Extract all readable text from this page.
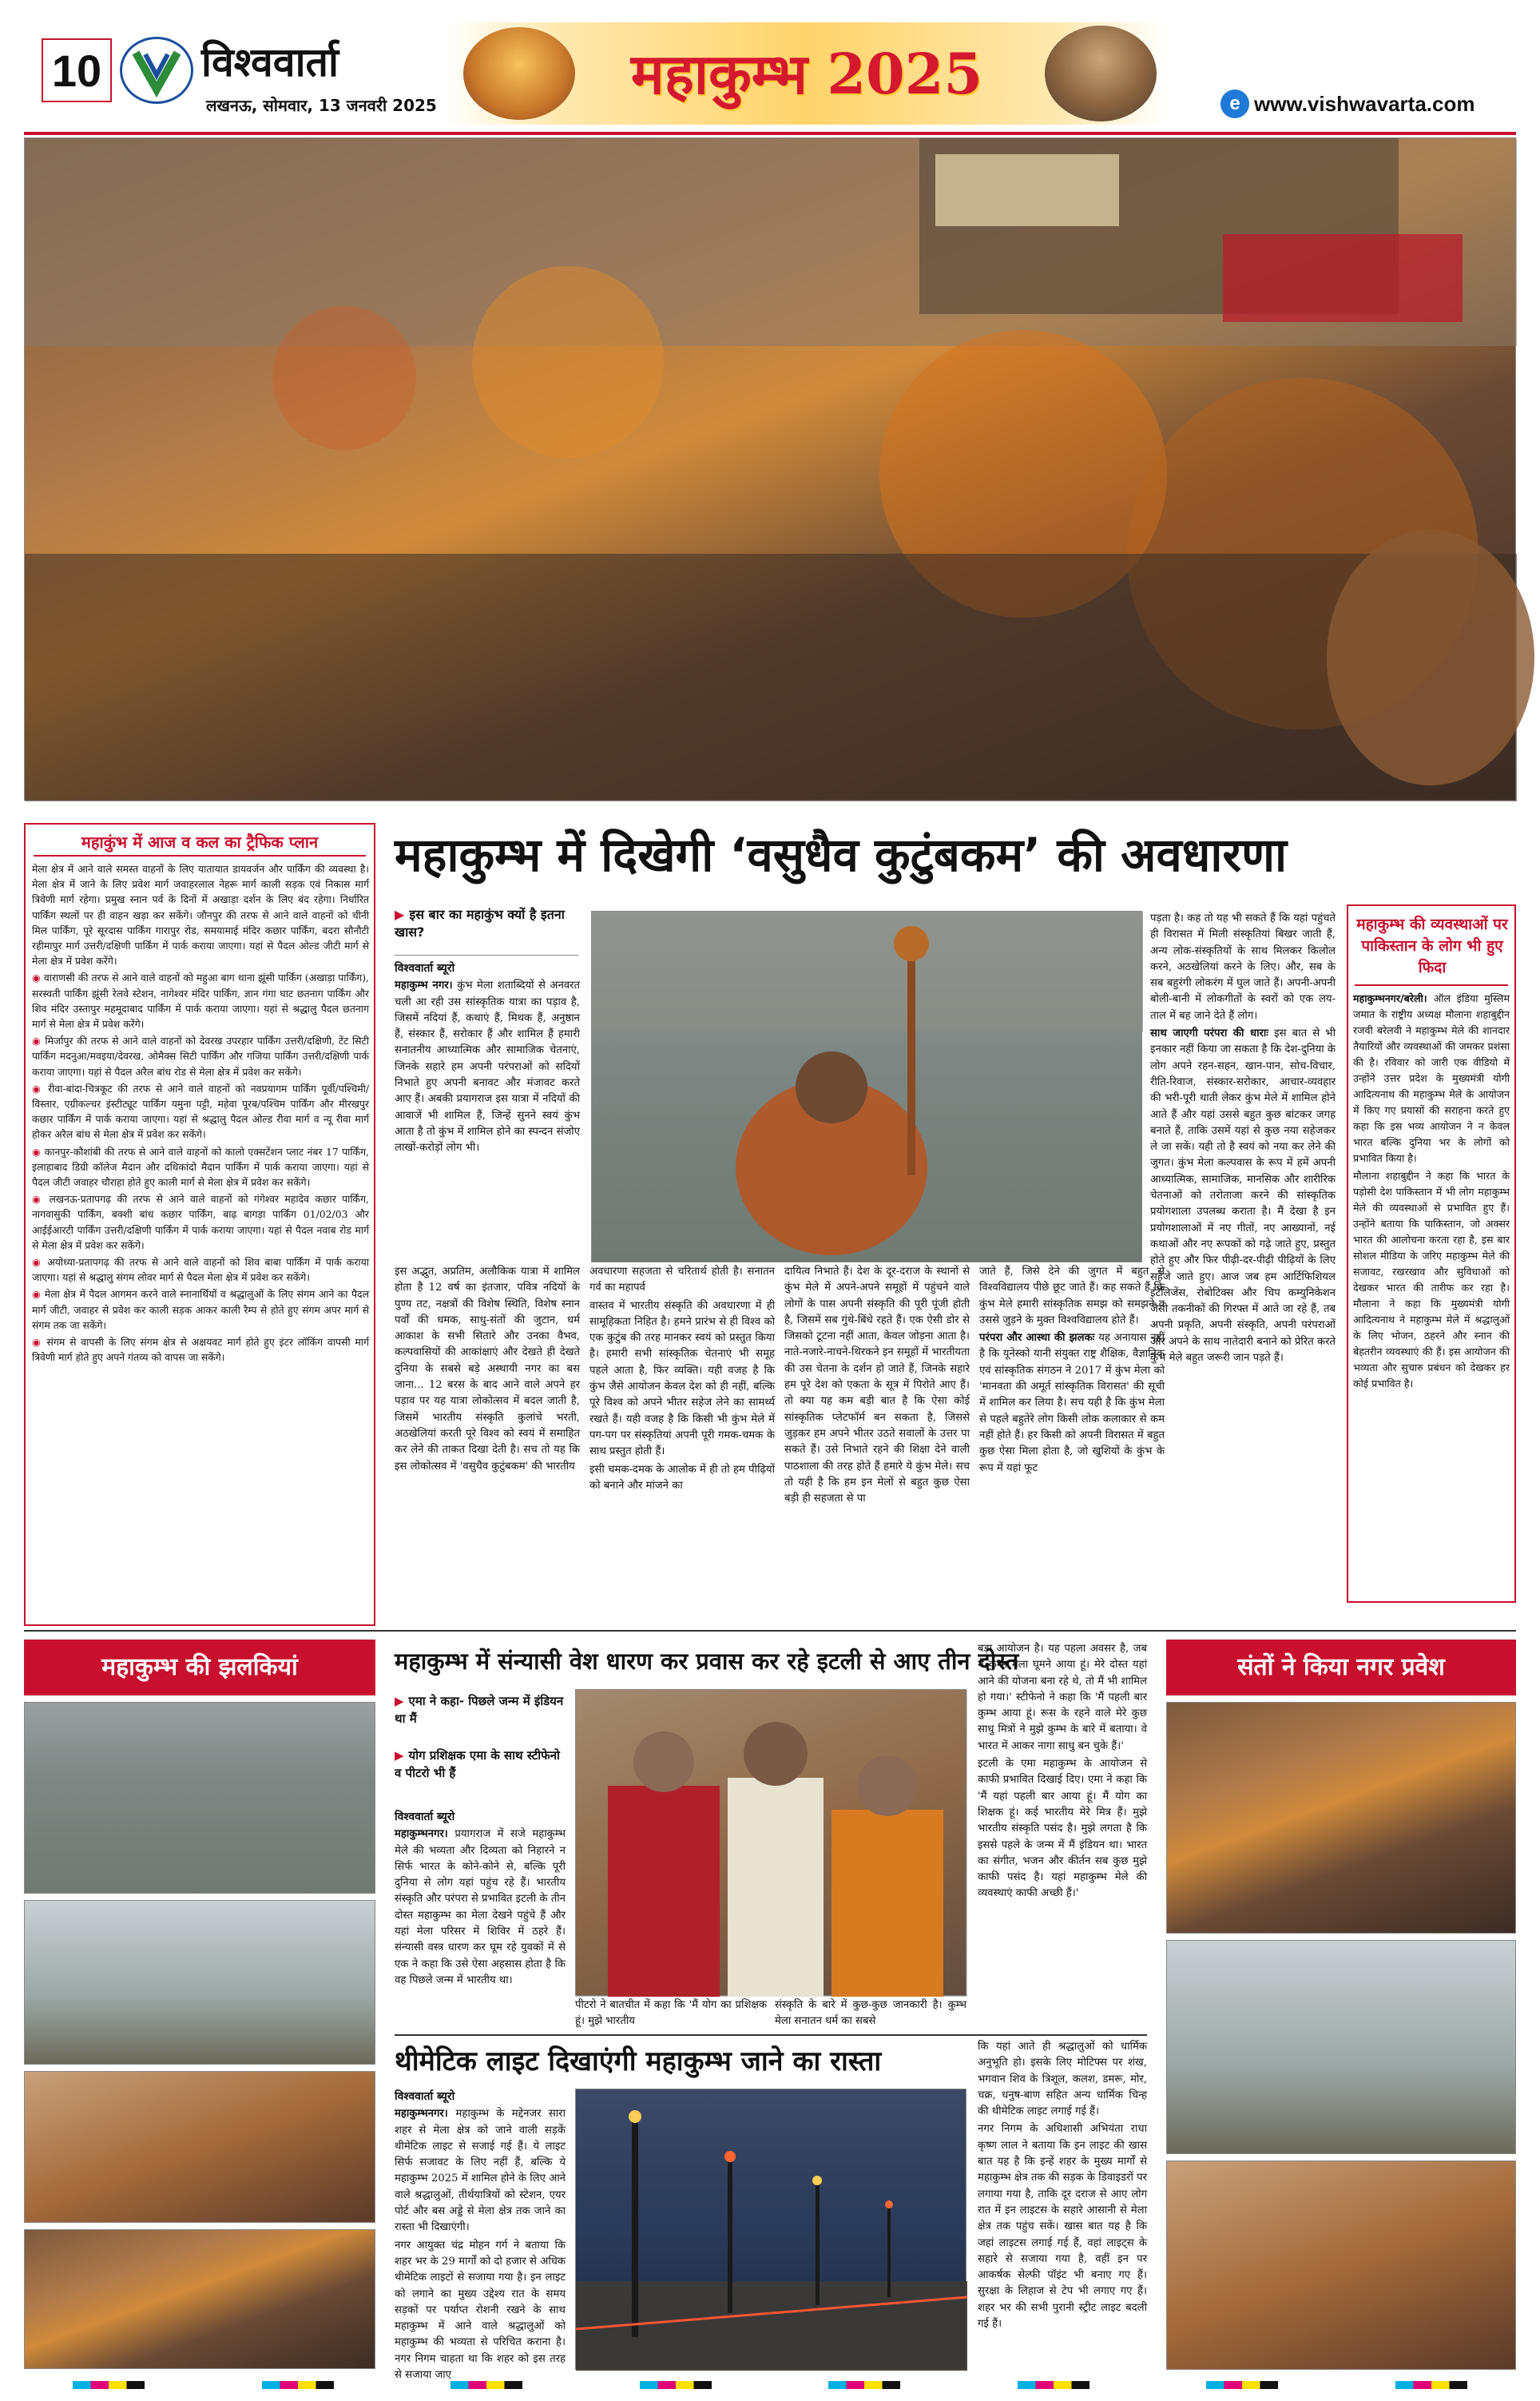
10 विश्ववार्ता
लखनऊ, सोमवार, 13 जनवरी 2025	महाकुम्भ 2025	e www.vishwavarta.com
महाकुंभ में आज व कल का ट्रैफिक प्लान

मेला क्षेत्र में आने वाले समस्त वाहनों के लिए यातायात डायवर्जन और पार्किंग की व्यवस्था है। मेला क्षेत्र में जाने के लिए प्रवेश मार्ग जवाहरलाल नेहरू मार्ग काली सड़क एवं निकास मार्ग त्रिवेणी मार्ग रहेगा। प्रमुख स्नान पर्व के दिनों में अखाड़ा दर्शन के लिए बंद रहेगा। निर्धारित पार्किंग स्थलों पर ही वाहन खड़ा कर सकेंगे। जौनपुर की तरफ से आने वाले वाहनों को चीनी मिल पार्किंग, पूरे सूरदास पार्किंग गारापुर रोड, समयामाई मंदिर कछार पार्किंग, बदरा सौनौटी रहीमापुर मार्ग उत्तरी/दक्षिणी पार्किंग में पार्क कराया जाएगा। यहां से पैदल ओल्ड जीटी मार्ग से मेला क्षेत्र में प्रवेश करेंगे।

◉ वाराणसी की तरफ से आने वाले वाहनों को महुआ बाग थाना झूंसी पार्किंग (अखाड़ा पार्किंग), सरस्वती पार्किंग झूंसी रेलवे स्टेशन, नागेश्वर मंदिर पार्किंग, ज्ञान गंगा घाट छतनाग पार्किंग और शिव मंदिर उस्तापुर महमूदाबाद पार्किंग में पार्क कराया जाएगा। यहां से श्रद्धालु पैदल छतनाग मार्ग से मेला क्षेत्र में प्रवेश करेंगे।

◉ मिर्जापुर की तरफ से आने वाले वाहनों को देवरख उपरहार पार्किंग उत्तरी/दक्षिणी, टेंट सिटी पार्किंग मदनुआ/मवइया/देवरख, ओमैक्स सिटी पार्किंग और गजिया पार्किंग उत्तरी/दक्षिणी पार्क कराया जाएगा। यहां से पैदल अरैल बांध रोड से मेला क्षेत्र में प्रवेश कर सकेंगे।

◉ रीवा-बांदा-चित्रकूट की तरफ से आने वाले वाहनों को नवप्रयागम पार्किंग पूर्वी/पश्चिमी/विस्तार, एग्रीकल्चर इंस्टीट्यूट पार्किंग यमुना पट्टी, महेवा पूरब/पश्चिम पार्किंग और मीरखपुर कछार पार्किंग में पार्क कराया जाएगा। यहां से श्रद्धालु पैदल ओल्ड रीवा मार्ग व न्यू रीवा मार्ग होकर अरैल बांध से मेला क्षेत्र में प्रवेश कर सकेंगे।

◉ कानपुर-कौशांबी की तरफ से आने वाले वाहनों को कालो एक्सटेंशन प्लाट नंबर 17 पार्किंग, इलाहाबाद डिग्री कॉलेज मैदान और दधिकांदो मैदान पार्किंग में पार्क कराया जाएगा। यहां से पैदल जीटी जवाहर चौराहा होते हुए काली मार्ग से मेला क्षेत्र में प्रवेश कर सकेंगे।

◉ लखनऊ-प्रतापगढ़ की तरफ से आने वाले वाहनों को गंगेश्वर महादेव कछार पार्किंग, नागवासुकी पार्किंग, बक्शी बांध कछार पार्किंग, बाढ़ बागड़ा पार्किंग 01/02/03 और आईईआरटी पार्किंग उत्तरी/दक्षिणी पार्किंग में पार्क कराया जाएगा। यहां से पैदल नवाब रोड मार्ग से मेला क्षेत्र में प्रवेश कर सकेंगे।

◉ अयोध्या-प्रतापगढ़ की तरफ से आने वाले वाहनों को शिव बाबा पार्किंग में पार्क कराया जाएगा। यहां से श्रद्धालु संगम लोवर मार्ग से पैदल मेला क्षेत्र में प्रवेश कर सकेंगे।

◉ मेला क्षेत्र में पैदल आगमन करने वाले स्नानार्थियों व श्रद्धालुओं के लिए संगम आने का पैदल मार्ग जीटी, जवाहर से प्रवेश कर काली सड़क आकर काली रैम्प से होते हुए संगम अपर मार्ग से संगम तक जा सकेंगे।

◉ संगम से वापसी के लिए संगम क्षेत्र से अक्षयवट मार्ग होते हुए इंटर लॉकिंग वापसी मार्ग त्रिवेणी मार्ग होते हुए अपने गंतव्य को वापस जा सकेंगे।

महाकुम्भ में दिखेगी ‘वसुधैव कुटुंबकम’ की अवधारणा
▶ इस बार का महाकुंभ क्यों है इतना खास?

विश्ववार्ता ब्यूरो

महाकुम्भ नगर। कुंभ मेला शताब्दियों से अनवरत चली आ रही उस सांस्कृतिक यात्रा का पड़ाव है, जिसमें नदियां हैं, कथाएं हैं, मिथक हैं, अनुष्ठान हैं, संस्कार हैं, सरोकार हैं और शामिल हैं हमारी सनातनीय आध्यात्मिक और सामाजिक चेतनाएं, जिनके सहारे हम अपनी परंपराओं को सदियों निभाते हुए अपनी बनावट और मंजावट करते आए हैं। अबकी प्रयागराज इस यात्रा में नदियों की आवाजें भी शामिल हैं, जिन्हें सुनने स्वयं कुंभ आता है तो कुंभ में शामिल होने का स्पन्दन संजोए लाखों-करोड़ों लोग भी।

इस अद्भुत, अप्रतिम, अलौकिक यात्रा में शामिल होता है 12 वर्ष का इंतजार, पवित्र नदियों के पुण्य तट, नक्षत्रों की विशेष स्थिति, विशेष स्नान पर्वों की धमक, साधु-संतों की जुटान, धर्म आकाश के सभी सितारे और उनका वैभव, कल्पवासियों की आकांक्षाएं और देखते ही देखते दुनिया के सबसे बड़े अस्थायी नगर का बस जाना... 12 बरस के बाद आने वाले अपने हर पड़ाव पर यह यात्रा लोकोत्सव में बदल जाती है, जिसमें भारतीय संस्कृति कुलांचे भरती, अठखेलियां करती पूरे विश्व को स्वयं में समाहित कर लेने की ताकत दिखा देती है। सच तो यह कि इस लोकोत्सव में 'वसुधैव कुटुंबकम' की भारतीय

अवधारणा सहजता से चरितार्थ होती है। सनातन गर्व का महापर्व

वास्तव में भारतीय संस्कृति की अवधारणा में ही सामूहिकता निहित है। हमने प्रारंभ से ही विश्व को एक कुटुंब की तरह मानकर स्वयं को प्रस्तुत किया है। हमारी सभी सांस्कृतिक चेतनाएं भी समूह पहले आता है, फिर व्यक्ति। यही वजह है कि कुंभ जैसे आयोजन केवल देश को ही नहीं, बल्कि पूरे विश्व को अपने भीतर सहेज लेने का सामर्थ्य रखते हैं। यही वजह है कि किसी भी कुंभ मेले में पग-पग पर संस्कृतियां अपनी पूरी गमक-चमक के साथ प्रस्तुत होती हैं।

इसी चमक-दमक के आलोक में ही तो हम पीढ़ियों को बनाने और मांजने का

दायित्व निभाते हैं। देश के दूर-दराज के स्थानों से कुंभ मेले में अपने-अपने समूहों में पहुंचने वाले लोगों के पास अपनी संस्कृति की पूरी पूंजी होती है, जिसमें सब गुंथे-बिंधे रहते हैं। एक ऐसी डोर से जिसको टूटना नहीं आता, केवल जोड़ना आता है। नाते-नजारे-नाचने-थिरकने इन समूहों में भारतीयता की उस चेतना के दर्शन हो जाते हैं, जिनके सहारे हम पूरे देश को एकता के सूत्र में पिरोते आए हैं। तो क्या यह कम बड़ी बात है कि ऐसा कोई सांस्कृतिक प्लेटफॉर्म बन सकता है, जिससे जुड़कर हम अपने भीतर उठते सवालों के उत्तर पा सकते हैं। उसे निभाते रहने की शिक्षा देने वाली पाठशाला की तरह होते हैं हमारे ये कुंभ मेले। सच तो यही है कि हम इन मेलों से बहुत कुछ ऐसा बड़ी ही सहजता से पा

जाते हैं, जिसे देने की जुगत में बहुत से विश्वविद्यालय पीछे छूट जाते हैं। कह सकते हैं कि कुंभ मेले हमारी सांस्कृतिक समझ को समझने व उससे जुड़ने के मुक्त विश्वविद्यालय होते हैं।

परंपरा और आस्था की झलकः यह अनायास नहीं है कि यूनेस्को यानी संयुक्त राष्ट्र शैक्षिक, वैज्ञानिक एवं सांस्कृतिक संगठन ने 2017 में कुंभ मेला को 'मानवता की अमूर्त सांस्कृतिक विरासत' की सूची में शामिल कर लिया है। सच यही है कि कुंभ मेला से पहले बहुतेरे लोग किसी लोक कलाकार से कम नहीं होते हैं। हर किसी को अपनी विरासत में बहुत कुछ ऐसा मिला होता है, जो खुशियों के कुंभ के रूप में यहां फूट

पड़ता है। कह तो यह भी सकते हैं कि यहां पहुंचते ही विरासत में मिली संस्कृतियां बिखर जाती हैं, अन्य लोक-संस्कृतियों के साथ मिलकर किलोल करने, अठखेलियां करने के लिए। और, सब के सब बहुरंगी लोकरंग में घुल जाते हैं। अपनी-अपनी बोली-बानी में लोकगीतों के स्वरों को एक लय-ताल में बह जाने देते हैं लोग।

साथ जाएगी परंपरा की धाराः इस बात से भी इनकार नहीं किया जा सकता है कि देश-दुनिया के लोग अपने रहन-सहन, खान-पान, सोच-विचार, रीति-रिवाज, संस्कार-सरोकार, आचार-व्यवहार की भरी-पूरी थाती लेकर कुंभ मेले में शामिल होने आते हैं और यहां उससे बहुत कुछ बांटकर जगह बनाते हैं, ताकि उसमें यहां से कुछ नया सहेजकर ले जा सकें। यही तो है स्वयं को नया कर लेने की जुगत। कुंभ मेला कल्पवास के रूप में हमें अपनी आध्यात्मिक, सामाजिक, मानसिक और शारीरिक चेतनाओं को तरोताजा करने की सांस्कृतिक प्रयोगशाला उपलब्ध कराता है। मैं देखा है इन प्रयोगशालाओं में नए गीतों, नए आख्यानों, नई कथाओं और नए रूपकों को गढ़े जाते हुए, प्रस्तुत होते हुए और फिर पीढ़ी-दर-पीढ़ी पीढ़ियों के लिए सहेजे जाते हुए। आज जब हम आर्टिफिशियल इंटेलिजेंस, रोबोटिक्स और चिप कम्युनिकेशन जैसी तकनीकों की गिरफ्त में आते जा रहे हैं, तब अपनी प्रकृति, अपनी संस्कृति, अपनी परंपराओं और अपने के साथ नातेदारी बनाने को प्रेरित करते कुंभ मेले बहुत जरूरी जान पड़ते हैं।

महाकुम्भ की व्यवस्थाओं पर पाकिस्तान के लोग भी हुए फिदा

महाकुम्भनगर/बरेली। ऑल इंडिया मुस्लिम जमात के राष्ट्रीय अध्यक्ष मौलाना शहाबुद्दीन रजवी बरेलवी ने महाकुम्भ मेले की शानदार तैयारियों और व्यवस्थाओं की जमकर प्रशंसा की है। रविवार को जारी एक वीडियो में उन्होंने उत्तर प्रदेश के मुख्यमंत्री योगी आदित्यनाथ की महाकुम्भ मेले के आयोजन में किए गए प्रयासों की सराहना करते हुए कहा कि इस भव्य आयोजन ने न केवल भारत बल्कि दुनिया भर के लोगों को प्रभावित किया है।

मौलाना शहाबुद्दीन ने कहा कि भारत के पड़ोसी देश पाकिस्तान में भी लोग महाकुम्भ मेले की व्यवस्थाओं से प्रभावित हुए हैं। उन्होंने बताया कि पाकिस्तान, जो अक्सर भारत की आलोचना करता रहा है, इस बार सोशल मीडिया के जरिए महाकुम्भ मेले की सजावट, रखरखाव और सुविधाओं को देखकर भारत की तारीफ कर रहा है। मौलाना ने कहा कि मुख्यमंत्री योगी आदित्यनाथ ने महाकुम्भ मेले में श्रद्धालुओं के लिए भोजन, ठहरने और स्नान की बेहतरीन व्यवस्थाएं की हैं। इस आयोजन की भव्यता और सुचारु प्रबंधन को देखकर हर कोई प्रभावित है।

महाकुम्भ की झलकियां	महाकुम्भ में संन्यासी वेश धारण कर प्रवास कर रहे इटली से आए तीन दोस्त
▶ एमा ने कहा- पिछले जन्म में इंडियन था मैं
▶ योग प्रशिक्षक एमा के साथ स्टीफेनो व पीटरो भी हैं

विश्ववार्ता ब्यूरो

महाकुम्भनगर। प्रयागराज में सजे महाकुम्भ मेले की भव्यता और दिव्यता को निहारने न सिर्फ भारत के कोने-कोने से, बल्कि पूरी दुनिया से लोग यहां पहुंच रहे हैं। भारतीय संस्कृति और परंपरा से प्रभावित इटली के तीन दोस्त महाकुम्भ का मेला देखने पहुंचे हैं और यहां मेला परिसर में शिविर में ठहरे हैं। संन्यासी वस्त्र धारण कर घूम रहे युवकों में से एक ने कहा कि उसे ऐसा अहसास होता है कि वह पिछले जन्म में भारतीय था।

पीटरो ने बातचीत में कहा कि 'मैं योग का प्रशिक्षक हूं। मुझे भारतीय

संस्कृति के बारे में कुछ-कुछ जानकारी है। कुम्भ मेला सनातन धर्म का सबसे

बड़ा आयोजन है। यह पहला अवसर है, जब मैं कुम्भ मेला घूमने आया हूं। मेरे दोस्त यहां आने की योजना बना रहे थे, तो मैं भी शामिल हो गया।' स्टीफेनो ने कहा कि 'मैं पहली बार कुम्भ आया हूं। रूस के रहने वाले मेरे कुछ साधु मित्रों ने मुझे कुम्भ के बारे में बताया। वे भारत में आकर नागा साधु बन चुके हैं।'

इटली के एमा महाकुम्भ के आयोजन से काफी प्रभावित दिखाई दिए। एमा ने कहा कि 'मैं यहां पहली बार आया हूं। मैं योग का शिक्षक हूं। कई भारतीय मेरे मित्र हैं। मुझे भारतीय संस्कृति पसंद है। मुझे लगता है कि इससे पहले के जन्म में मैं इंडियन था। भारत का संगीत, भजन और कीर्तन सब कुछ मुझे काफी पसंद है। यहां महाकुम्भ मेले की व्यवस्थाएं काफी अच्छी हैं।'

थीमेटिक लाइट दिखाएंगी महाकुम्भ जाने का रास्ता

विश्ववार्ता ब्यूरो

महाकुम्भनगर। महाकुम्भ के मद्देनजर सारा शहर से मेला क्षेत्र को जाने वाली सड़कें थीमेटिक लाइट से सजाई गई हैं। ये लाइट सिर्फ सजावट के लिए नहीं हैं, बल्कि ये महाकुम्भ 2025 में शामिल होने के लिए आने वाले श्रद्धालुओं, तीर्थयात्रियों को स्टेशन, एयर पोर्ट और बस अड्डे से मेला क्षेत्र तक जाने का रास्ता भी दिखाएंगी।

नगर आयुक्त चंद्र मोहन गर्ग ने बताया कि शहर भर के 29 मार्गों को दो हजार से अधिक थीमेटिक लाइटों से सजाया गया है। इन लाइट को लगाने का मुख्य उद्देश्य रात के समय सड़कों पर पर्याप्त रोशनी रखने के साथ महाकुम्भ में आने वाले श्रद्धालुओं को महाकुम्भ की भव्यता से परिचित कराना है। नगर निगम चाहता था कि शहर को इस तरह से सजाया जाए

कि यहां आते ही श्रद्धालुओं को धार्मिक अनुभूति हो। इसके लिए मोटिफ्स पर शंख, भगवान शिव के त्रिशूल, कलश, डमरू, मोर, चक्र, धनुष-बाण सहित अन्य धार्मिक चिन्ह की थीमेटिक लाइट लगाई गई हैं।

नगर निगम के अधिशासी अभियंता राधा कृष्ण लाल ने बताया कि इन लाइट की खास बात यह है कि इन्हें शहर के मुख्य मार्गों से महाकुम्भ क्षेत्र तक की सड़क के डिवाइडरों पर लगाया गया है, ताकि दूर दराज से आए लोग रात में इन लाइटस के सहारे आसानी से मेला क्षेत्र तक पहुंच सकें। खास बात यह है कि जहां लाइटस लगाई गई हैं, वहां लाइट्स के सहारे से सजाया गया है, वहीं इन पर आकर्षक सेल्फी पॉइंट भी बनाए गए हैं। सुरक्षा के लिहाज से टेप भी लगाए गए हैं। शहर भर की सभी पुरानी स्ट्रीट लाइट बदली गई हैं।

संतों ने किया नगर प्रवेश
